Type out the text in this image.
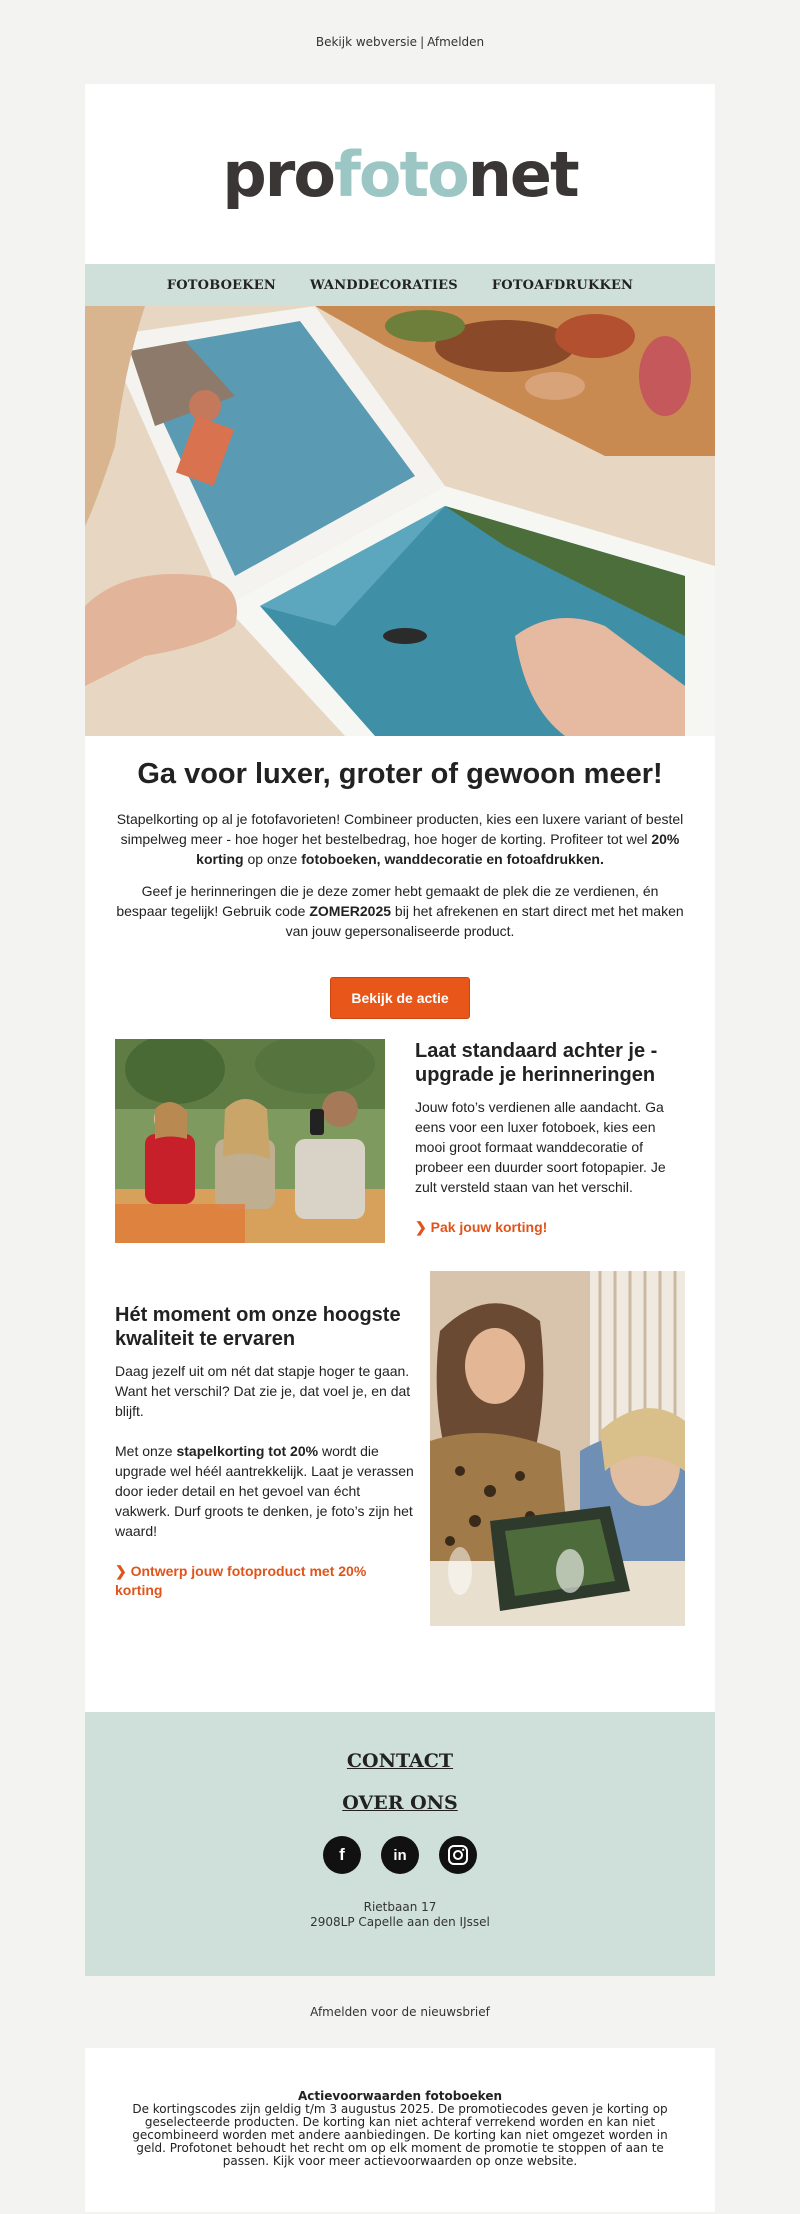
Bekijk webversie | Afmelden
profotonet
FOTOBOEKEN	WANDDECORATIES	FOTOAFDRUKKEN
Ga voor luxer, groter of gewoon meer!

Stapelkorting op al je fotofavorieten! Combineer producten, kies een luxere variant of bestel simpelweg meer - hoe hoger het bestelbedrag, hoe hoger de korting. Profiteer tot wel 20% korting op onze fotoboeken, wanddecoratie en fotoafdrukken.

Geef je herinneringen die je deze zomer hebt gemaakt de plek die ze verdienen, én bespaar tegelijk! Gebruik code ZOMER2025 bij het afrekenen en start direct met het maken van jouw gepersonaliseerde product.

Bekijk de actie
Laat standaard achter je - upgrade je herinneringen

Jouw foto’s verdienen alle aandacht. Ga eens voor een luxer fotoboek, kies een mooi groot formaat wanddecoratie of probeer een duurder soort fotopapier. Je zult versteld staan van het verschil.

❯ Pak jouw korting!
Hét moment om onze hoogste kwaliteit te ervaren

Daag jezelf uit om nét dat stapje hoger te gaan. Want het verschil? Dat zie je, dat voel je, en dat blijft.

Met onze stapelkorting tot 20% wordt die upgrade wel héél aantrekkelijk. Laat je verassen door ieder detail en het gevoel van écht vakwerk. Durf groots te denken, je foto’s zijn het waard!

❯ Ontwerp jouw fotoproduct met 20% korting
CONTACT
OVER ONS
f	in
Rietbaan 17
2908LP Capelle aan den IJssel
Afmelden voor de nieuwsbrief
Actievoorwaarden fotoboeken
De kortingscodes zijn geldig t/m 3 augustus 2025. De promotiecodes geven je korting op geselecteerde producten. De korting kan niet achteraf verrekend worden en kan niet gecombineerd worden met andere aanbiedingen. De korting kan niet omgezet worden in geld. Profotonet behoudt het recht om op elk moment de promotie te stoppen of aan te passen. Kijk voor meer actievoorwaarden op onze website.
